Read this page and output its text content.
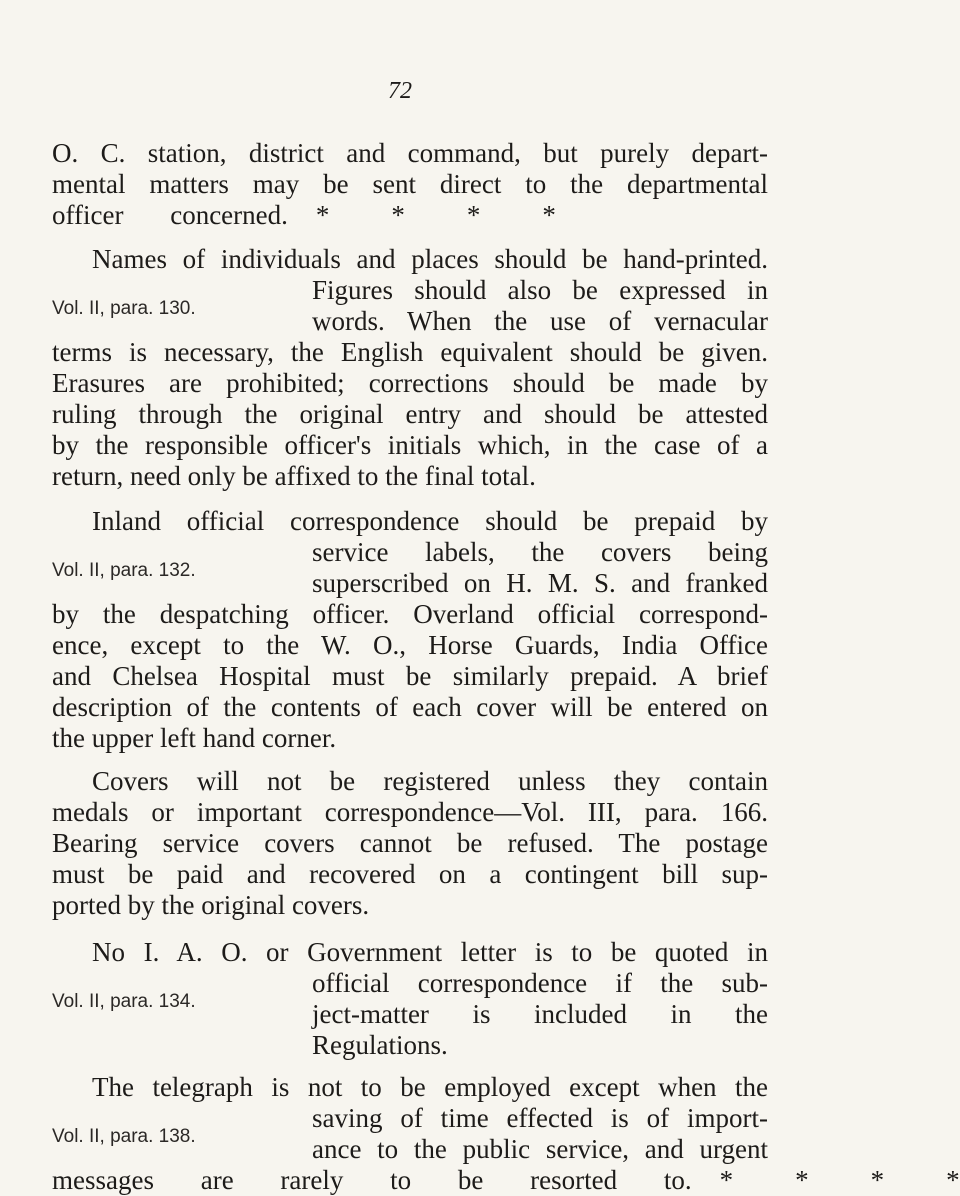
72
O. C. station, district and command, but purely depart-
mental matters may be sent direct to the departmental
officer concerned. * * * *
Names of individuals and places should be hand-printed.
Vol. II, para. 130.
Figures should also be expressed in
words. When the use of vernacular
terms is necessary, the English equivalent should be given.
Erasures are prohibited; corrections should be made by
ruling through the original entry and should be attested
by the responsible officer's initials which, in the case of a
return, need only be affixed to the final total.
Inland official correspondence should be prepaid by
Vol. II, para. 132.
service labels, the covers being
superscribed on H. M. S. and franked
by the despatching officer. Overland official correspond-
ence, except to the W. O., Horse Guards, India Office
and Chelsea Hospital must be similarly prepaid. A brief
description of the contents of each cover will be entered on
the upper left hand corner.
Covers will not be registered unless they contain
medals or important correspondence—Vol. III, para. 166.
Bearing service covers cannot be refused. The postage
must be paid and recovered on a contingent bill sup-
ported by the original covers.
No I. A. O. or Government letter is to be quoted in
Vol. II, para. 134.
official correspondence if the sub-
ject-matter is included in the
Regulations.
The telegraph is not to be employed except when the
Vol. II, para. 138.
saving of time effected is of import-
ance to the public service, and urgent
messages are rarely to be resorted to. * * * *
